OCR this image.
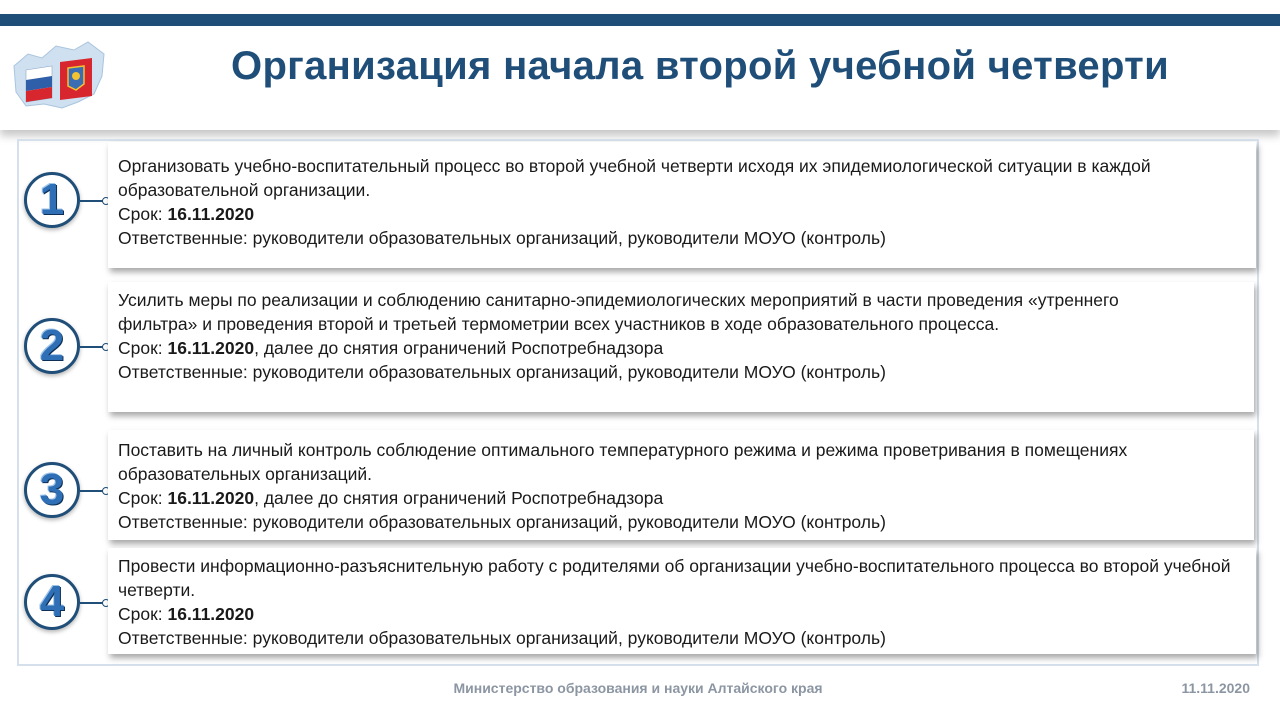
Организация начала второй учебной четверти
1

Организовать учебно-воспитательный процесс во второй учебной четверти исходя их эпидемиологической ситуации в каждой образовательной организации.

Срок: 16.11.2020

Ответственные: руководители образовательных организаций, руководители МОУО (контроль)

2

Усилить меры по реализации и соблюдению санитарно-эпидемиологических мероприятий в части проведения «утреннего фильтра» и проведения второй и третьей термометрии всех участников в ходе образовательного процесса.

Срок: 16.11.2020, далее до снятия ограничений Роспотребнадзора

Ответственные: руководители образовательных организаций, руководители МОУО (контроль)

3

Поставить на личный контроль соблюдение оптимального температурного режима и режима проветривания в помещениях образовательных организаций.

Срок: 16.11.2020, далее до снятия ограничений Роспотребнадзора

Ответственные: руководители образовательных организаций, руководители МОУО (контроль)

4

Провести информационно-разъяснительную работу с родителями об организации учебно-воспитательного процесса во второй учебной четверти.

Срок: 16.11.2020

Ответственные: руководители образовательных организаций, руководители МОУО (контроль)

Министерство образования и науки Алтайского края	11.11.2020
